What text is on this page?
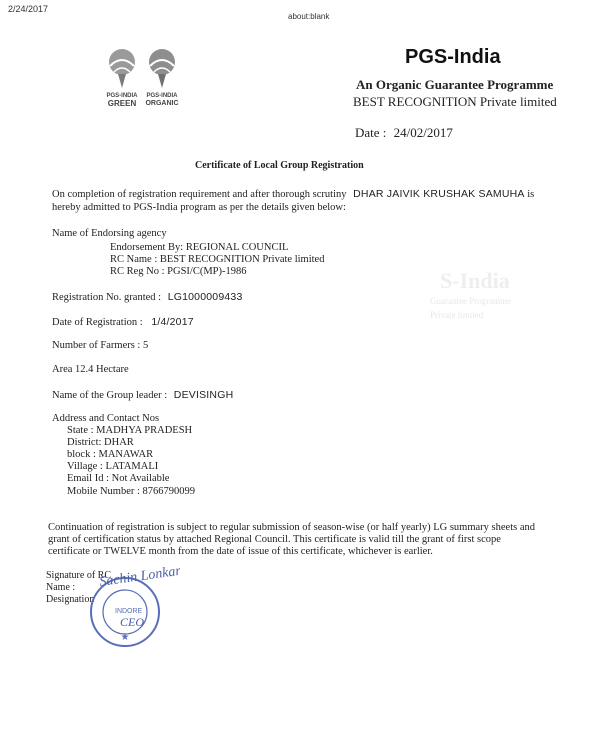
2/24/2017
about:blank
PGS-INDIA
GREEN
PGS-INDIA
ORGANIC
PGS-India
An Organic Guarantee Programme
BEST RECOGNITION Private limited
Date : 24/02/2017
Certificate of Local Group Registration
On completion of registration requirement and after thorough scrutiny DHAR JAIVIK KRUSHAK SAMUHA is
hereby admitted to PGS-India program as per the details given below:
Name of Endorsing agency
Endorsement By: REGIONAL COUNCIL
RC Name : BEST RECOGNITION Private limited
RC Reg No : PGSI/C(MP)-1986
Registration No. granted : LG1000009433
Date of Registration : 1/4/2017
Number of Farmers : 5
Area 12.4 Hectare
Name of the Group leader : DEVISINGH
Address and Contact Nos
State : MADHYA PRADESH
District: DHAR
block : MANAWAR
Village : LATAMALI
Email Id : Not Available
Mobile Number : 8766790099
Continuation of registration is subject to regular submission of season-wise (or half yearly) LG summary sheets and
grant of certification status by attached Regional Council. This certificate is valid till the grant of first scope
certificate or TWELVE month from the date of issue of this certificate, whichever is earlier.
Signature of RC
Name :
Designation
INDORE
★
Sachin Lonkar
CEO
S-India
Guarantee Programme
Private limited
